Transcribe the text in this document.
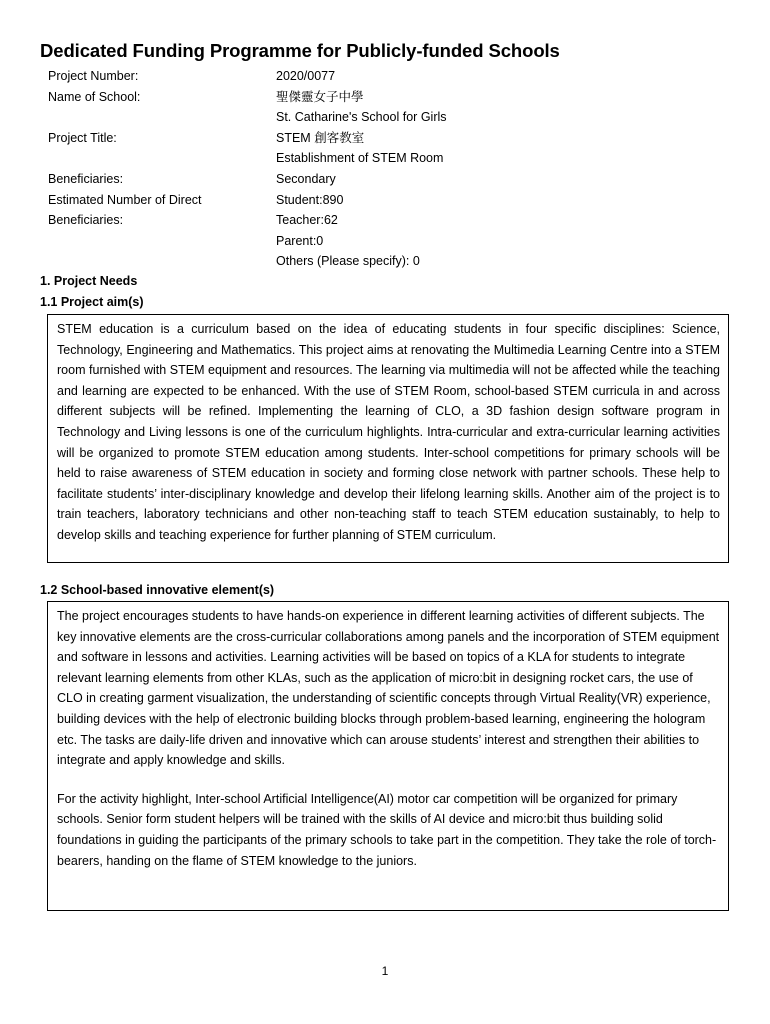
Dedicated Funding Programme for Publicly-funded Schools
Project Number:	2020/0077
Name of School:	聖傑靈女子中學
St. Catharine's School for Girls
Project Title:	STEM 創客教室
Establishment of STEM Room
Beneficiaries:	Secondary
Estimated Number of Direct	Student:890
Beneficiaries:	Teacher:62
Parent:0
Others (Please specify): 0
1. Project Needs
1.1 Project aim(s)

STEM education is a curriculum based on the idea of educating students in four specific disciplines: Science, Technology, Engineering and Mathematics. This project aims at renovating the Multimedia Learning Centre into a STEM room furnished with STEM equipment and resources. The learning via multimedia will not be affected while the teaching and learning are expected to be enhanced. With the use of STEM Room, school-based STEM curricula in and across different subjects will be refined. Implementing the learning of CLO, a 3D fashion design software program in Technology and Living lessons is one of the curriculum highlights. Intra-curricular and extra-curricular learning activities will be organized to promote STEM education among students. Inter-school competitions for primary schools will be held to raise awareness of STEM education in society and forming close network with partner schools. These help to facilitate students’ inter-disciplinary knowledge and develop their lifelong learning skills. Another aim of the project is to train teachers, laboratory technicians and other non-teaching staff to teach STEM education sustainably, to help to develop skills and teaching experience for further planning of STEM curriculum.

1.2 School-based innovative element(s)

The project encourages students to have hands-on experience in different learning activities of different subjects. The key innovative elements are the cross-curricular collaborations among panels and the incorporation of STEM equipment and software in lessons and activities. Learning activities will be based on topics of a KLA for students to integrate relevant learning elements from other KLAs, such as the application of micro:bit in designing rocket cars, the use of CLO in creating garment visualization, the understanding of scientific concepts through Virtual Reality(VR) experience, building devices with the help of electronic building blocks through problem-based learning, engineering the hologram etc. The tasks are daily-life driven and innovative which can arouse students’ interest and strengthen their abilities to integrate and apply knowledge and skills.

For the activity highlight, Inter-school Artificial Intelligence(AI) motor car competition will be organized for primary schools. Senior form student helpers will be trained with the skills of AI device and micro:bit thus building solid foundations in guiding the participants of the primary schools to take part in the competition. They take the role of torch-bearers, handing on the flame of STEM knowledge to the juniors.

1
